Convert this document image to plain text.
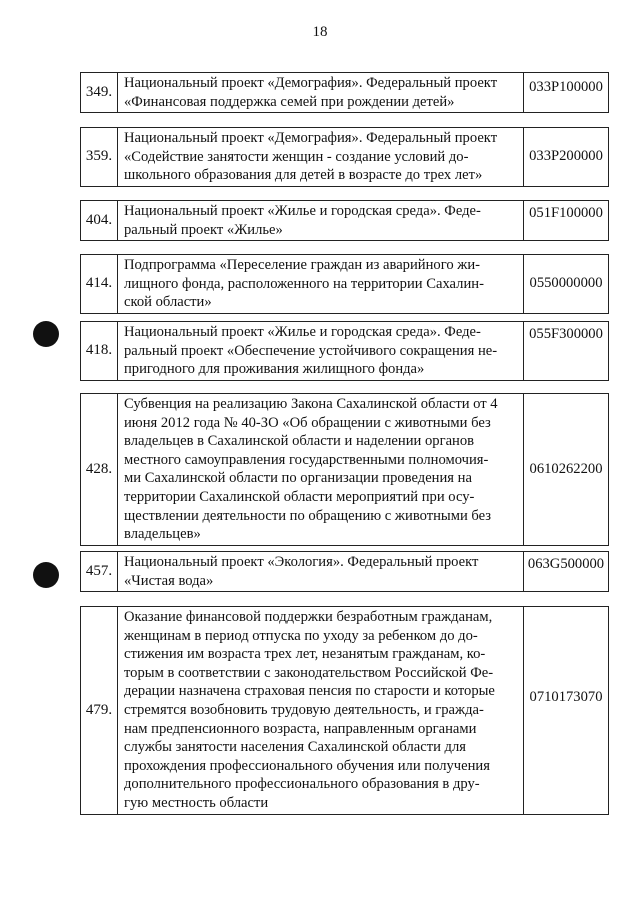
18
349.	Национальный проект «Демография». Федеральный проект
«Финансовая поддержка семей при рождении детей»	033P100000
359.	Национальный проект «Демография». Федеральный проект
«Содействие занятости женщин - создание условий до-
школьного образования для детей в возрасте до трех лет»	033P200000
404.	Национальный проект «Жилье и городская среда». Феде-
ральный проект «Жилье»	051F100000
414.	Подпрограмма «Переселение граждан из аварийного жи-
лищного фонда, расположенного на территории Сахалин-
ской области»	0550000000
418.	Национальный проект «Жилье и городская среда». Феде-
ральный проект «Обеспечение устойчивого сокращения не-
пригодного для проживания жилищного фонда»	055F300000
428.	Субвенция на реализацию Закона Сахалинской области от 4
июня 2012 года № 40-ЗО «Об обращении с животными без
владельцев в Сахалинской области и наделении органов
местного самоуправления государственными полномочия-
ми Сахалинской области по организации проведения на
территории Сахалинской области мероприятий при осу-
ществлении деятельности по обращению с животными без
владельцев»	0610262200
457.	Национальный проект «Экология». Федеральный проект
«Чистая вода»	063G500000
479.	Оказание финансовой поддержки безработным гражданам,
женщинам в период отпуска по уходу за ребенком до до-
стижения им возраста трех лет, незанятым гражданам, ко-
торым в соответствии с законодательством Российской Фе-
дерации назначена страховая пенсия по старости и которые
стремятся возобновить трудовую деятельность, и гражда-
нам предпенсионного возраста, направленным органами
службы занятости населения Сахалинской области для
прохождения профессионального обучения или получения
дополнительного профессионального образования в дру-
гую местность области	0710173070
